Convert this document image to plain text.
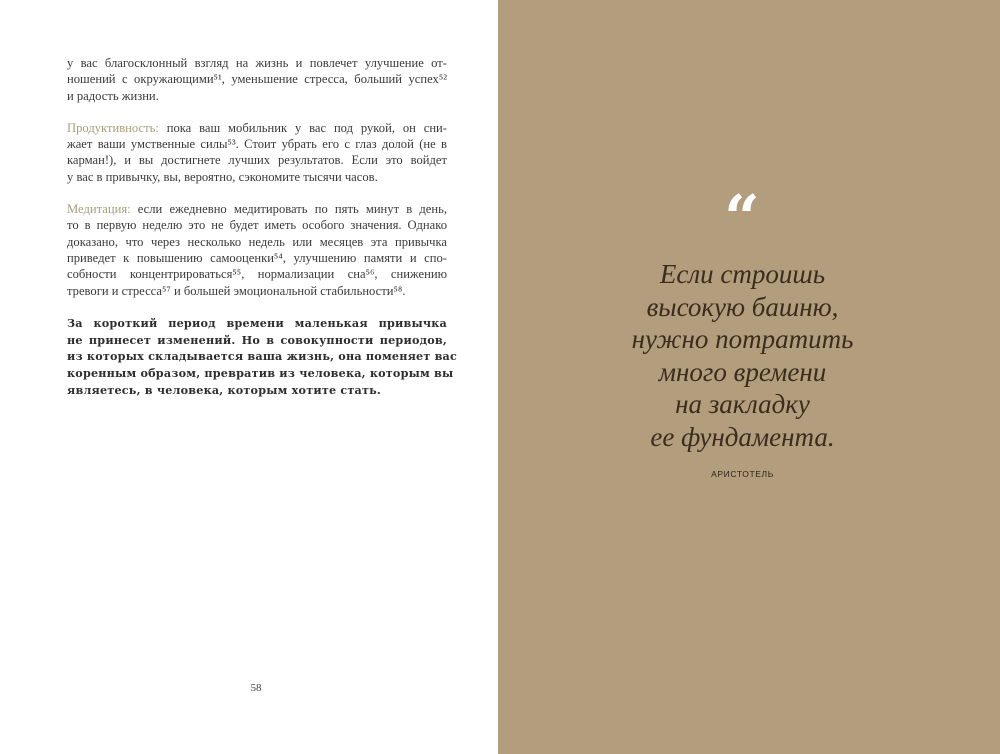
у вас благосклонный взгляд на жизнь и повлечет улучшение от-
ношений с окружающими⁵¹, уменьшение стресса, больший успех⁵²
и радость жизни.
Продуктивность: пока ваш мобильник у вас под рукой, он сни-
жает ваши умственные силы⁵³. Стоит убрать его с глаз долой (не в
карман!), и вы достигнете лучших результатов. Если это войдет
у вас в привычку, вы, вероятно, сэкономите тысячи часов.
Медитация: если ежедневно медитировать по пять минут в день,
то в первую неделю это не будет иметь особого значения. Однако
доказано, что через несколько недель или месяцев эта привычка
приведет к повышению самооценки⁵⁴, улучшению памяти и спо-
собности концентрироваться⁵⁵, нормализации сна⁵⁶, снижению
тревоги и стресса⁵⁷ и большей эмоциональной стабильности⁵⁸.
За короткий период времени маленькая привычка
не принесет изменений. Но в совокупности периодов,
из которых складывается ваша жизнь, она поменяет вас
коренным образом, превратив из человека, которым вы
являетесь, в человека, которым хотите стать.
58
“
Если строишь
высокую башню,
нужно потратить
много времени
на закладку
ее фундамента.
АРИСТОТЕЛЬ
